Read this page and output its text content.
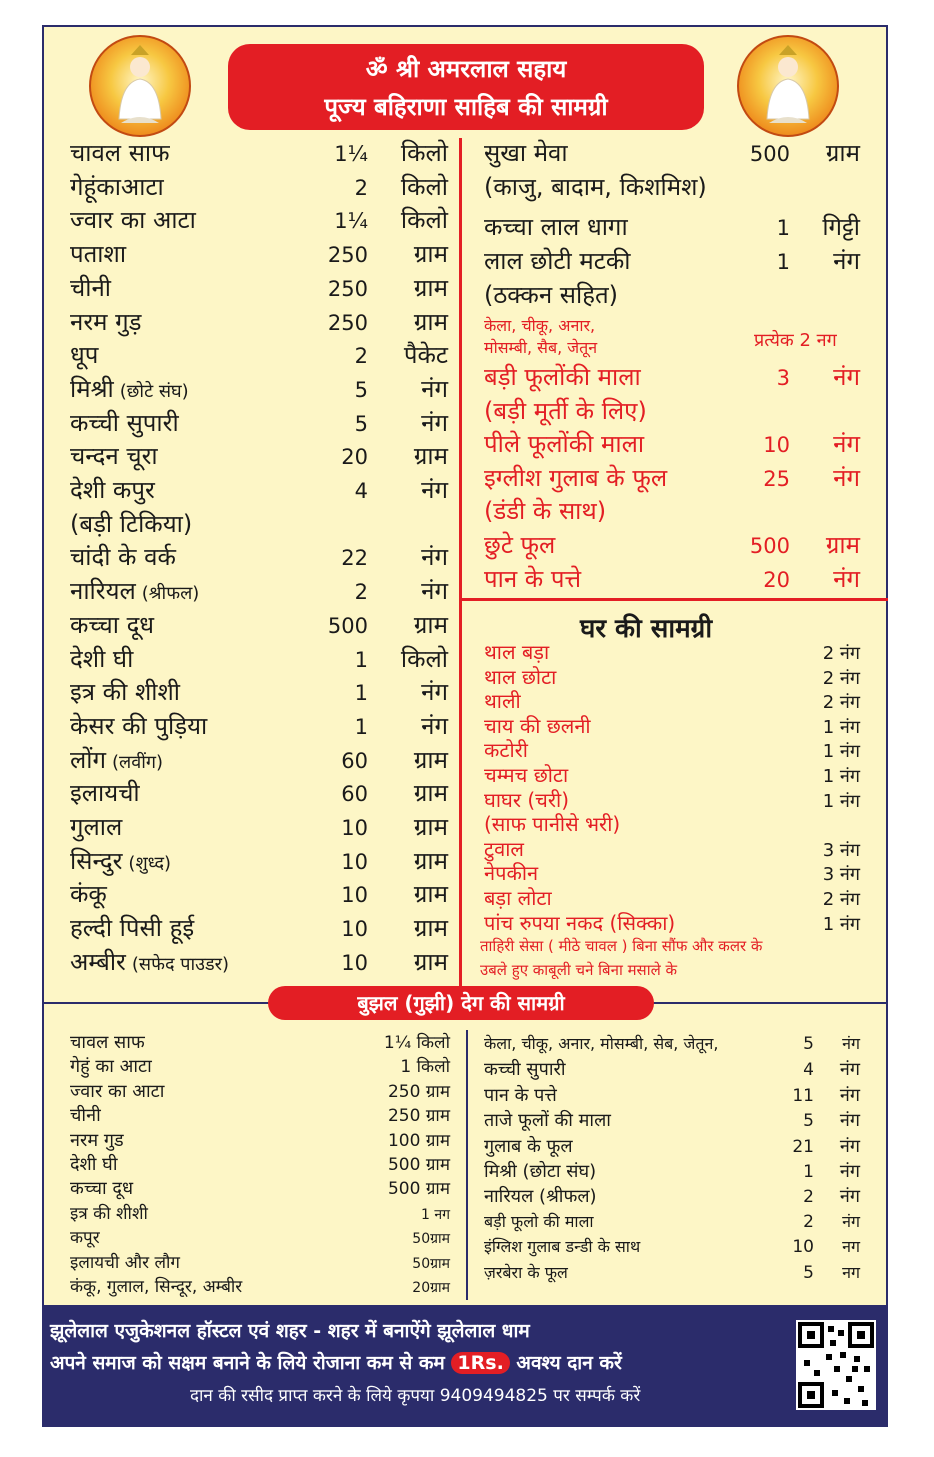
ॐ श्री अमरलाल सहाय
पूज्य बहिराणा साहिब की सामग्री
चावल साफ	1¼	किलो
गेहूंकाआटा	2	किलो
ज्वार का आटा	1¼	किलो
पताशा	250	ग्राम
चीनी	250	ग्राम
नरम गुड़	250	ग्राम
धूप	2	पैकेट
मिश्री (छोटे संघ)	5	नंग
कच्ची सुपारी	5	नंग
चन्दन चूरा	20	ग्राम
देशी कपुर	4	नंग
(बड़ी टिकिया)
चांदी के वर्क	22	नंग
नारियल (श्रीफल)	2	नंग
कच्चा दूध	500	ग्राम
देशी घी	1	किलो
इत्र की शीशी	1	नंग
केसर की पुड़िया	1	नंग
लोंग (लवींग)	60	ग्राम
इलायची	60	ग्राम
गुलाल	10	ग्राम
सिन्दुर (शुध्द)	10	ग्राम
कंकू	10	ग्राम
हल्दी पिसी हूई	10	ग्राम
अम्बीर (सफेद पाउडर)	10	ग्राम
सुखा मेवा	500	ग्राम
(काजु, बादाम, किशमिश)
कच्चा लाल धागा	1	गिट्टी
लाल छोटी मटकी	1	नंग
(ठक्कन सहित)
केला, चीकू, अनार,
मोसम्बी, सैब, जेतून	प्रत्येक 2 नग
बड़ी फूलोंकी माला	3	नंग
(बड़ी मूर्ती के लिए)
पीले फूलोंकी माला	10	नंग
इग्लीश गुलाब के फूल	25	नंग
(डंडी के साथ)
छुटे फूल	500	ग्राम
पान के पत्ते	20	नंग
घर की सामग्री
थाल बड़ा	2 नंग
थाल छोटा	2 नंग
थाली	2 नंग
चाय की छलनी	1 नंग
कटोरी	1 नंग
चम्मच छोटा	1 नंग
घाघर (चरी)	1 नंग
(साफ पानीसे भरी)
टुवाल	3 नंग
नेपकीन	3 नंग
बड़ा लोटा	2 नंग
पांच रुपया नकद (सिक्का)	1 नंग
ताहिरी सेसा ( मीठे चावल ) बिना सौंफ और कलर के
उबले हुए काबूली चने बिना मसाले के
बुझल (गुझी) देग की सामग्री
चावल साफ	1¼ किलो
गेहुं का आटा	1 किलो
ज्वार का आटा	250 ग्राम
चीनी	250 ग्राम
नरम गुड	100 ग्राम
देशी घी	500 ग्राम
कच्चा दूध	500 ग्राम
इत्र की शीशी	1 नग
कपूर	50ग्राम
इलायची और लौग	50ग्राम
कंकू, गुलाल, सिन्दूर, अम्बीर	20ग्राम
केला, चीकू, अनार, मोसम्बी, सेब, जेतून,	5	नंग
कच्ची सुपारी	4	नंग
पान के पत्ते	11	नंग
ताजे फूलों की माला	5	नंग
गुलाब के फूल	21	नंग
मिश्री (छोटा संघ)	1	नंग
नारियल (श्रीफल)	2	नंग
बड़ी फूलो की माला	2	नंग
इंग्लिश गुलाब डन्डी के साथ	10	नग
ज़रबेरा के फूल	5	नग
झूलेलाल एजुकेशनल हॉस्टल एवं शहर - शहर में बनाऐंगे झूलेलाल धाम
अपने समाज को सक्षम बनाने के लिये रोजाना कम से कम 1Rs. अवश्य दान करें
दान की रसीद प्राप्त करने के लिये कृपया 9409494825 पर सम्पर्क करें
